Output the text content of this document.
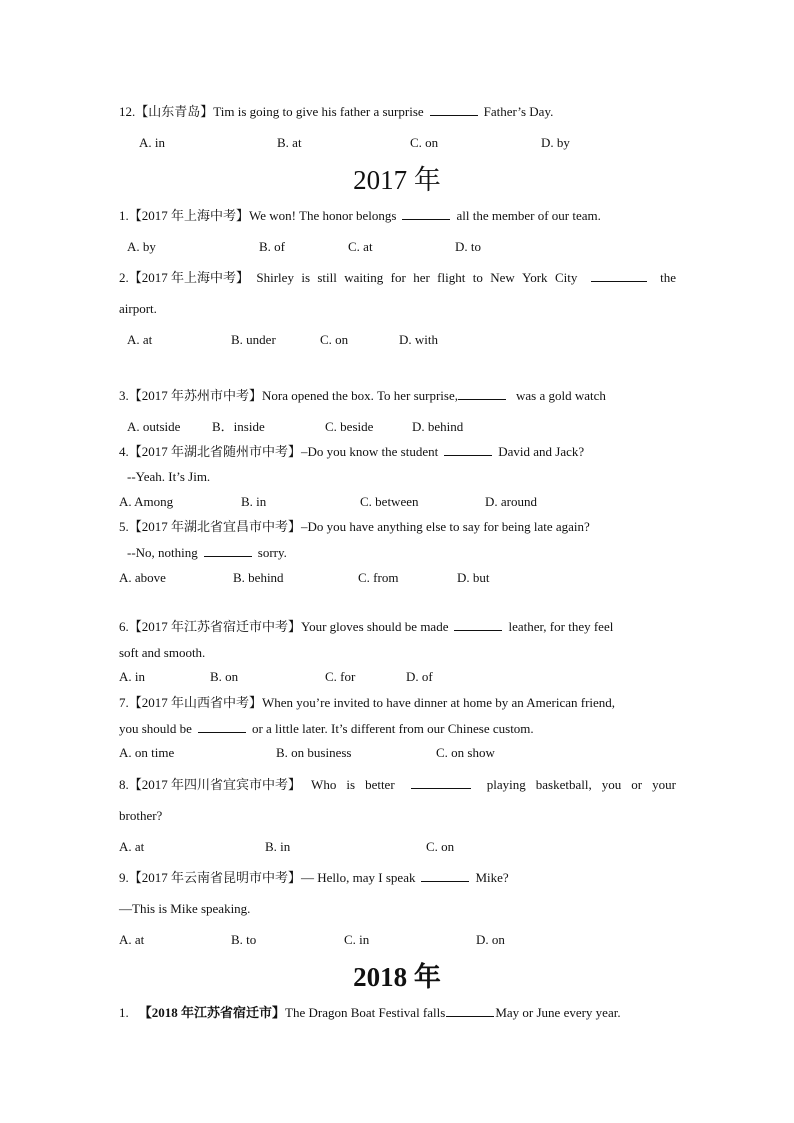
12.【山东青岛】Tim is going to give his father a surprise	Father’s Day.
A. in	B. at	C. on	D. by
2017 年
1.【2017 年上海中考】We won! The honor belongs	all the member of our team.
A. by	B. of	C. at	D. to
2.【2017 年上海中考】 Shirley is still waiting for her flight to New York City	the
airport.
A. at	B. under	C. on	D. with
3.【2017 年苏州市中考】Nora opened the box. To her surprise,	was a gold watch
A. outside B．inside	C. beside	D. behind
4.【2017 年湖北省随州市中考】–Do you know the student	David and Jack?
--Yeah. It’s Jim.
A. Among	B. in	C. between	D. around
5.【2017 年湖北省宜昌市中考】–Do you have anything else to say for being late again?
--No, nothing	sorry.
A. above	B. behind	C. from	D. but
6.【2017 年江苏省宿迁市中考】Your gloves should be made	leather, for they feel
soft and smooth.
A. in	B. on	C. for	D. of
7.【2017 年山西省中考】When you’re invited to have dinner at home by an American friend,
you should be	or a little later. It’s different from our Chinese custom.
A. on time	B. on business	C. on show
8.【2017 年四川省宜宾市中考】 Who is better	playing basketball, you or your
brother?
A. at	B. in	C. on
9.【2017 年云南省昆明市中考】— Hello, may I speak	Mike?
—This is Mike speaking.
A. at	B. to	C. in	D. on
2018 年
1. 【2018 年江苏省宿迁市】The Dragon Boat Festival falls	May or June every year.
